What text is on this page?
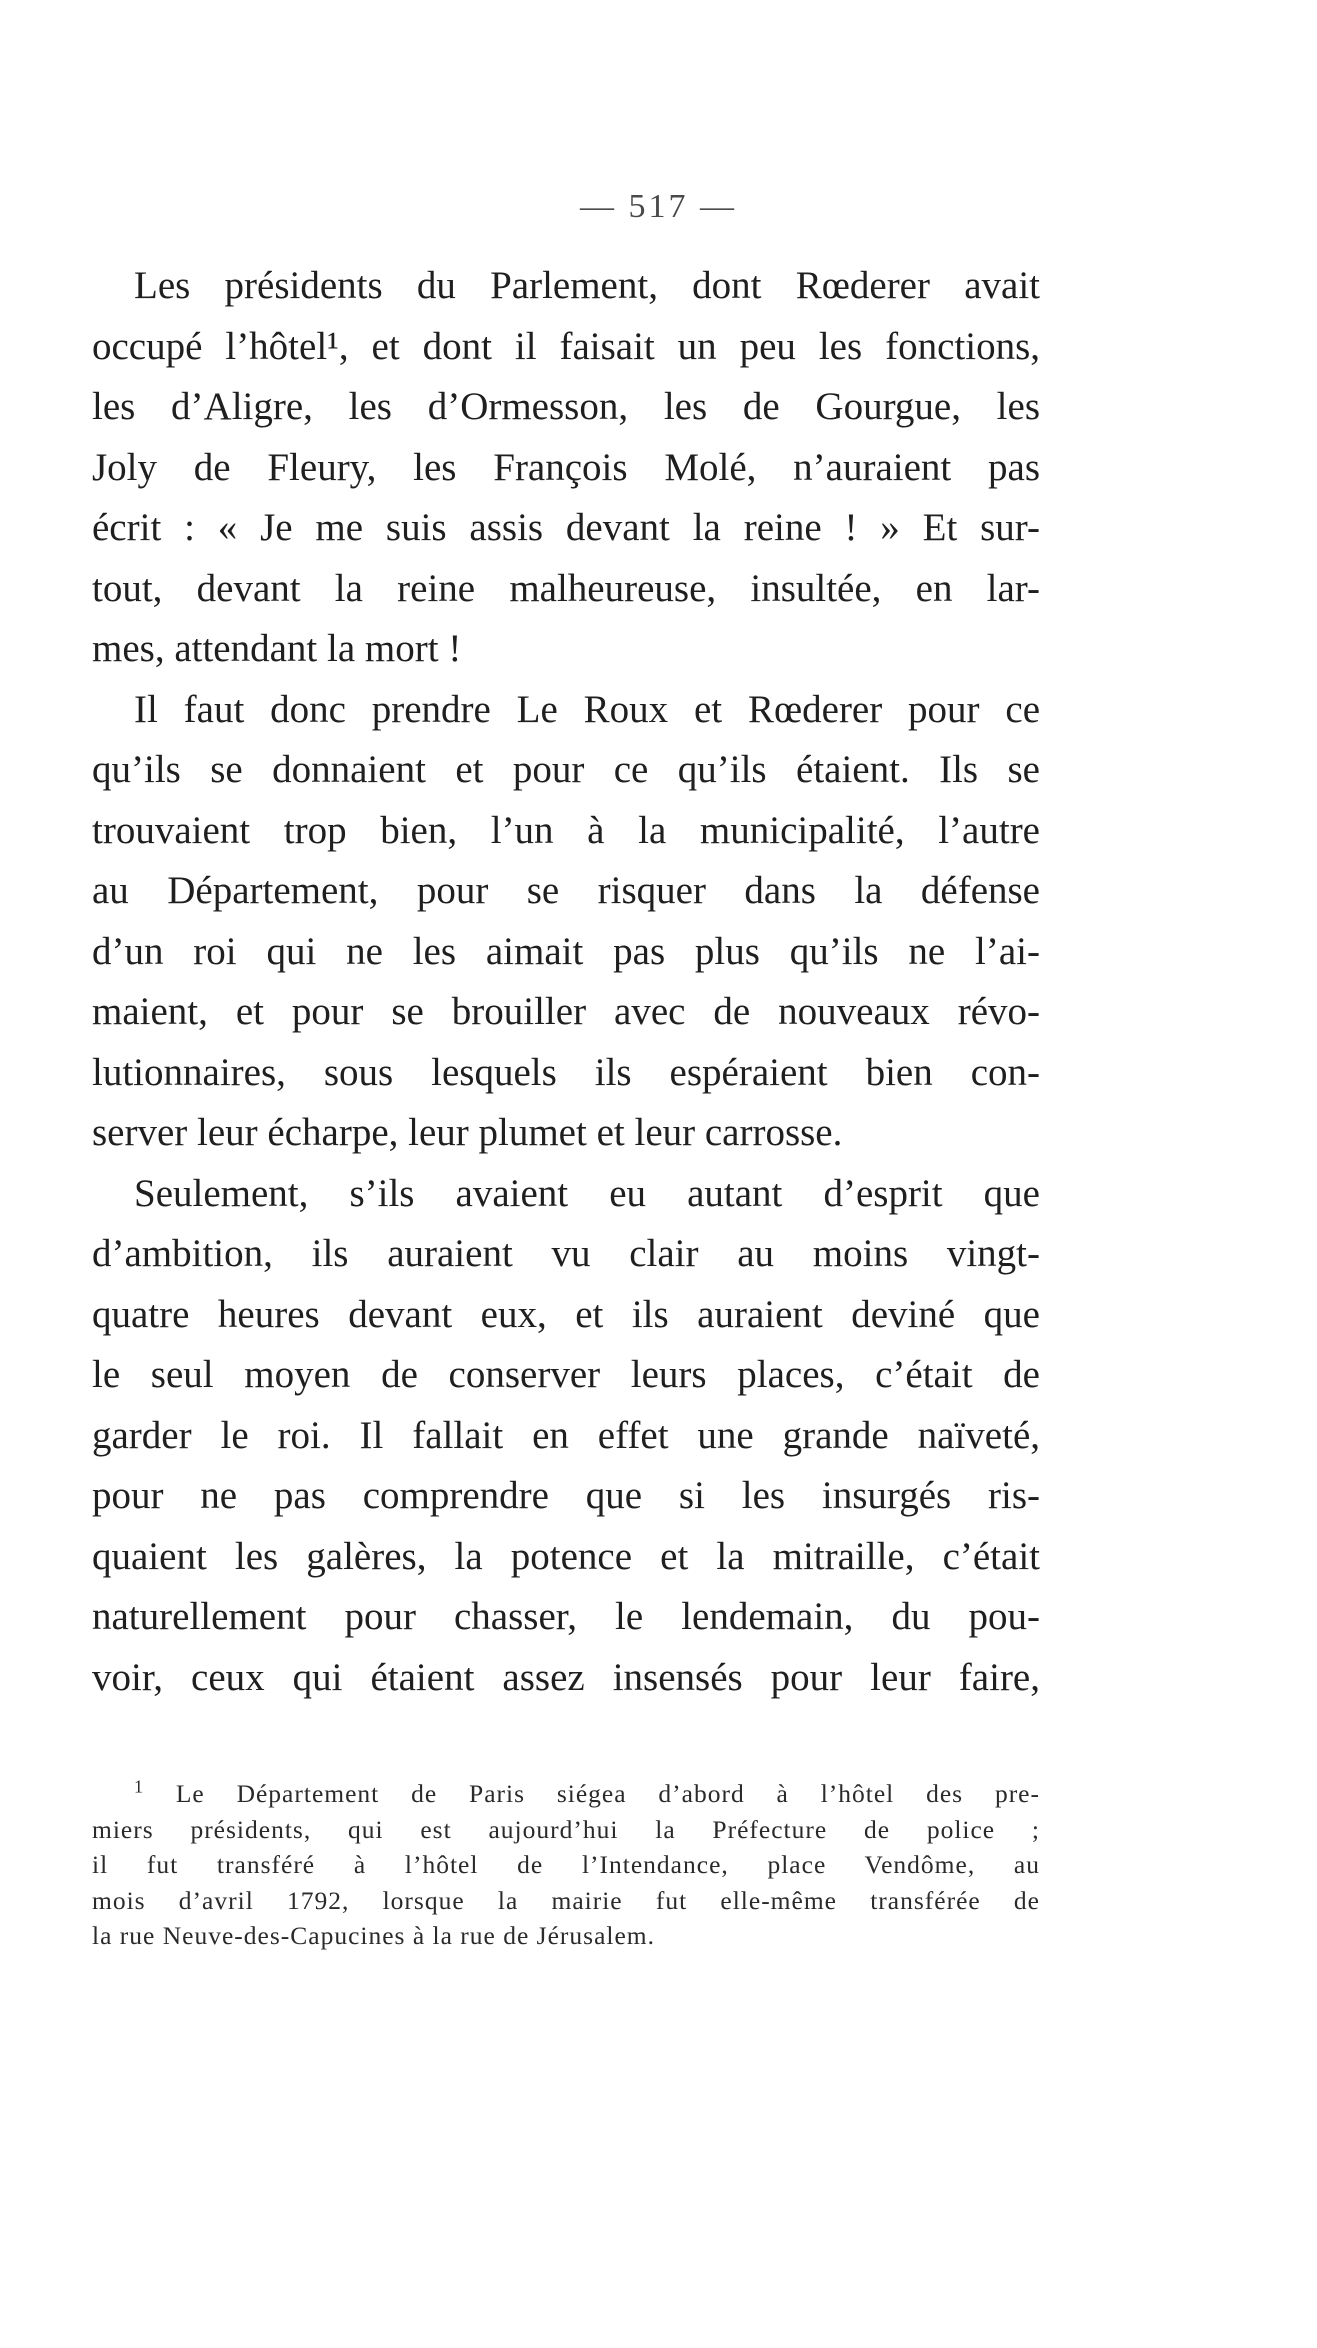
— 517 —
Les présidents du Parlement, dont Rœderer avait
occupé l’hôtel¹, et dont il faisait un peu les fonctions,
les d’Aligre, les d’Ormesson, les de Gourgue, les
Joly de Fleury, les François Molé, n’auraient pas
écrit : « Je me suis assis devant la reine ! » Et sur-
tout, devant la reine malheureuse, insultée, en lar-
mes, attendant la mort !
Il faut donc prendre Le Roux et Rœderer pour ce
qu’ils se donnaient et pour ce qu’ils étaient. Ils se
trouvaient trop bien, l’un à la municipalité, l’autre
au Département, pour se risquer dans la défense
d’un roi qui ne les aimait pas plus qu’ils ne l’ai-
maient, et pour se brouiller avec de nouveaux révo-
lutionnaires, sous lesquels ils espéraient bien con-
server leur écharpe, leur plumet et leur carrosse.
Seulement, s’ils avaient eu autant d’esprit que
d’ambition, ils auraient vu clair au moins vingt-
quatre heures devant eux, et ils auraient deviné que
le seul moyen de conserver leurs places, c’était de
garder le roi. Il fallait en effet une grande naïveté,
pour ne pas comprendre que si les insurgés ris-
quaient les galères, la potence et la mitraille, c’était
naturellement pour chasser, le lendemain, du pou-
voir, ceux qui étaient assez insensés pour leur faire,
$^1$ Le Département de Paris siégea d’abord à l’hôtel des pre-
miers présidents, qui est aujourd’hui la Préfecture de police ;
il fut transféré à l’hôtel de l’Intendance, place Vendôme, au
mois d’avril 1792, lorsque la mairie fut elle-même transférée de
la rue Neuve-des-Capucines à la rue de Jérusalem.
